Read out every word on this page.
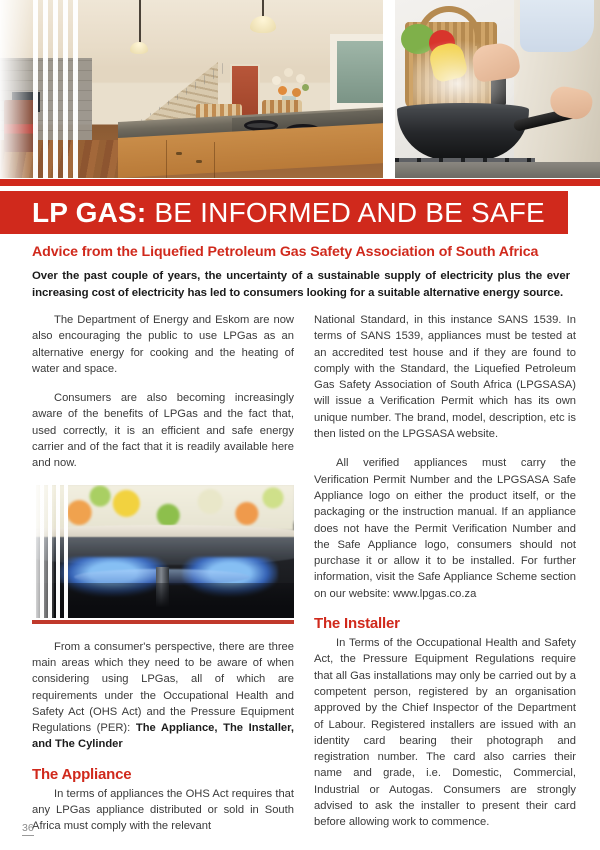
LP GAS: BE INFORMED AND BE SAFE
Advice from the Liquefied Petroleum Gas Safety Association of South Africa
Over the past couple of years, the uncertainty of a sustainable supply of electricity plus the ever increasing cost of electricity has led to consumers looking for a suitable alternative energy source.

The Department of Energy and Eskom are now also encouraging the public to use LPGas as an alternative energy for cooking and the heating of water and space.

Consumers are also becoming increasingly aware of the benefits of LPGas and the fact that, used correctly, it is an efficient and safe energy carrier and of the fact that it is readily available here and now.

From a consumer's perspective, there are three main areas which they need to be aware of when considering using LPGas, all of which are requirements under the Occupational Health and Safety Act (OHS Act) and the Pressure Equipment Regulations (PER): The Appliance, The Installer, and The Cylinder

The Appliance

In terms of appliances the OHS Act requires that any LPGas appliance distributed or sold in South Africa must comply with the relevant

National Standard, in this instance SANS 1539. In terms of SANS 1539, appliances must be tested at an accredited test house and if they are found to comply with the Standard, the Liquefied Petroleum Gas Safety Association of South Africa (LPGSASA) will issue a Verification Permit which has its own unique number. The brand, model, description, etc is then listed on the LPGSASA website.

All verified appliances must carry the Verification Permit Number and the LPGSASA Safe Appliance logo on either the product itself, or the packaging or the instruction manual. If an appliance does not have the Permit Verification Number and the Safe Appliance logo, consumers should not purchase it or allow it to be installed. For further information, visit the Safe Appliance Scheme section on our website: www.lpgas.co.za

The Installer

In Terms of the Occupational Health and Safety Act, the Pressure Equipment Regulations require that all Gas installations may only be carried out by a competent person, registered by an organisation approved by the Chief Inspector of the Department of Labour. Registered installers are issued with an identity card bearing their photograph and registration number. The card also carries their name and grade, i.e. Domestic, Commercial, Industrial or Autogas. Consumers are strongly advised to ask the installer to present their card before allowing work to commence.

36
